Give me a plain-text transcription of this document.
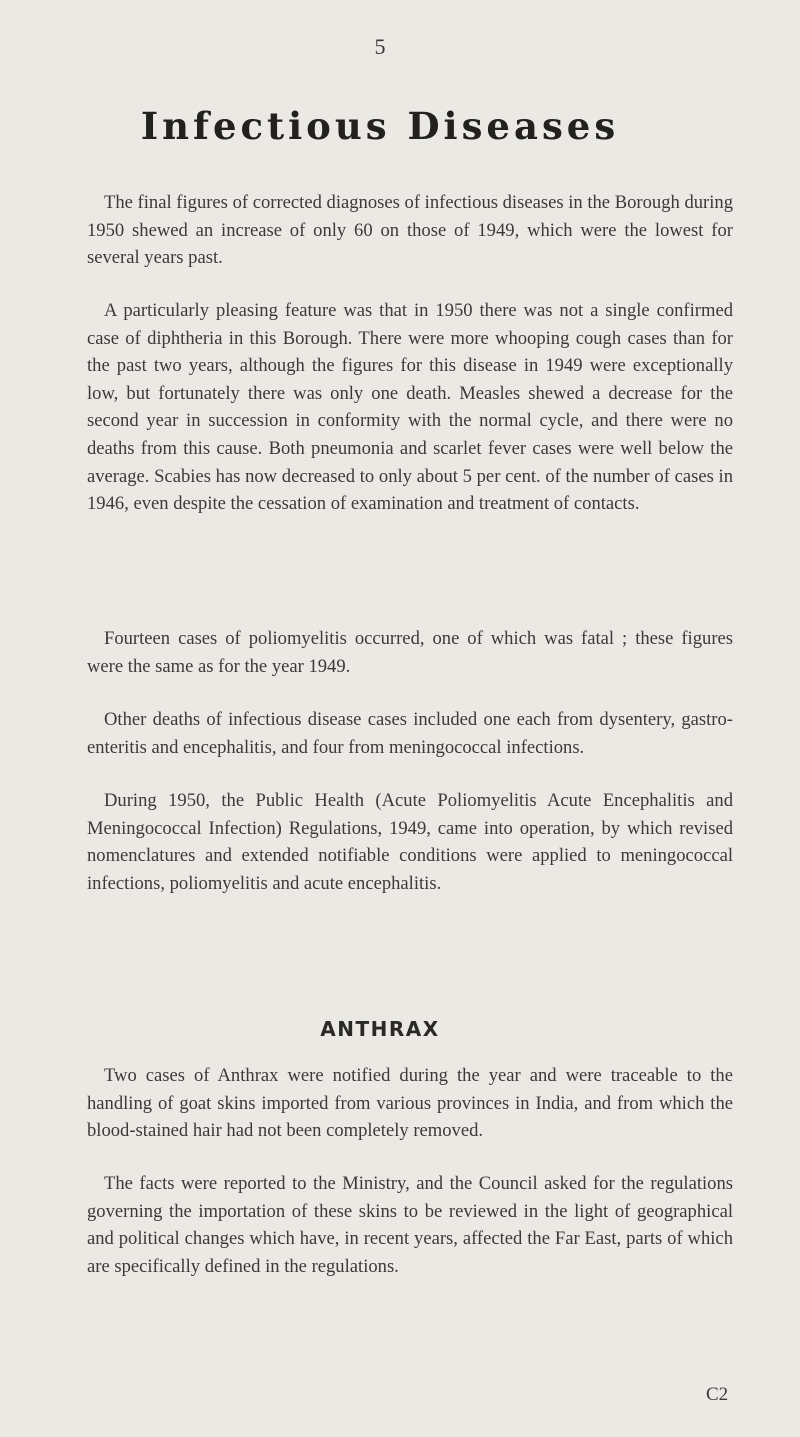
5
Infectious Diseases

The final figures of corrected diagnoses of infectious diseases in the Borough during 1950 shewed an increase of only 60 on those of 1949, which were the lowest for several years past.

A particularly pleasing feature was that in 1950 there was not a single confirmed case of diphtheria in this Borough. There were more whooping cough cases than for the past two years, although the figures for this disease in 1949 were exceptionally low, but fortunately there was only one death. Measles shewed a decrease for the second year in succession in conformity with the normal cycle, and there were no deaths from this cause. Both pneumonia and scarlet fever cases were well below the average. Scabies has now decreased to only about 5 per cent. of the number of cases in 1946, even despite the cessation of examination and treatment of contacts.

Fourteen cases of poliomyelitis occurred, one of which was fatal ; these figures were the same as for the year 1949.

Other deaths of infectious disease cases included one each from dysentery, gastro-enteritis and encephalitis, and four from meningococcal infections.

During 1950, the Public Health (Acute Poliomyelitis Acute Encephalitis and Meningococcal Infection) Regulations, 1949, came into operation, by which revised nomenclatures and extended notifiable conditions were applied to meningococcal infections, poliomyelitis and acute encephalitis.

ANTHRAX

Two cases of Anthrax were notified during the year and were traceable to the handling of goat skins imported from various provinces in India, and from which the blood-stained hair had not been completely removed.

The facts were reported to the Ministry, and the Council asked for the regulations governing the importation of these skins to be reviewed in the light of geographical and political changes which have, in recent years, affected the Far East, parts of which are specifically defined in the regulations.

C2
